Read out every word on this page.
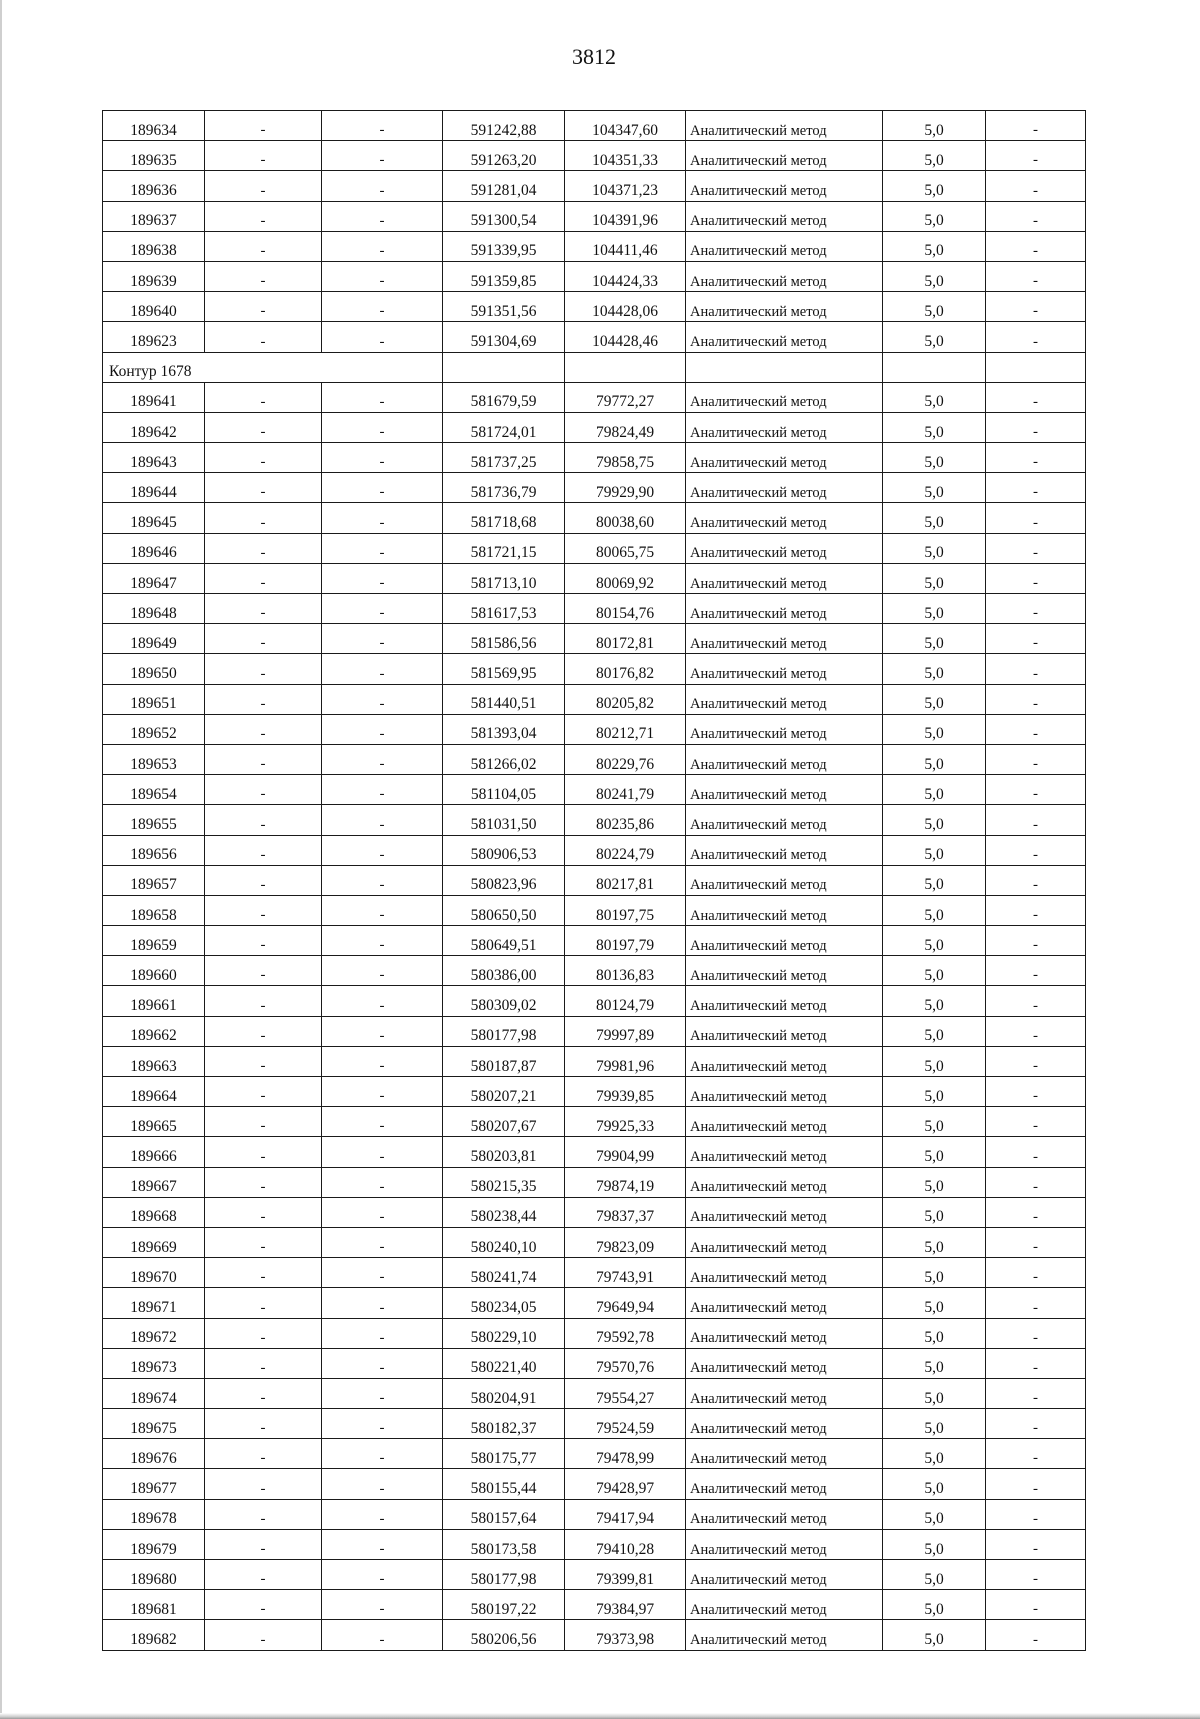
3812
189634	-	-	591242,88	104347,60	Аналитический метод	5,0	-
189635	-	-	591263,20	104351,33	Аналитический метод	5,0	-
189636	-	-	591281,04	104371,23	Аналитический метод	5,0	-
189637	-	-	591300,54	104391,96	Аналитический метод	5,0	-
189638	-	-	591339,95	104411,46	Аналитический метод	5,0	-
189639	-	-	591359,85	104424,33	Аналитический метод	5,0	-
189640	-	-	591351,56	104428,06	Аналитический метод	5,0	-
189623	-	-	591304,69	104428,46	Аналитический метод	5,0	-
Контур 1678							
189641	-	-	581679,59	79772,27	Аналитический метод	5,0	-
189642	-	-	581724,01	79824,49	Аналитический метод	5,0	-
189643	-	-	581737,25	79858,75	Аналитический метод	5,0	-
189644	-	-	581736,79	79929,90	Аналитический метод	5,0	-
189645	-	-	581718,68	80038,60	Аналитический метод	5,0	-
189646	-	-	581721,15	80065,75	Аналитический метод	5,0	-
189647	-	-	581713,10	80069,92	Аналитический метод	5,0	-
189648	-	-	581617,53	80154,76	Аналитический метод	5,0	-
189649	-	-	581586,56	80172,81	Аналитический метод	5,0	-
189650	-	-	581569,95	80176,82	Аналитический метод	5,0	-
189651	-	-	581440,51	80205,82	Аналитический метод	5,0	-
189652	-	-	581393,04	80212,71	Аналитический метод	5,0	-
189653	-	-	581266,02	80229,76	Аналитический метод	5,0	-
189654	-	-	581104,05	80241,79	Аналитический метод	5,0	-
189655	-	-	581031,50	80235,86	Аналитический метод	5,0	-
189656	-	-	580906,53	80224,79	Аналитический метод	5,0	-
189657	-	-	580823,96	80217,81	Аналитический метод	5,0	-
189658	-	-	580650,50	80197,75	Аналитический метод	5,0	-
189659	-	-	580649,51	80197,79	Аналитический метод	5,0	-
189660	-	-	580386,00	80136,83	Аналитический метод	5,0	-
189661	-	-	580309,02	80124,79	Аналитический метод	5,0	-
189662	-	-	580177,98	79997,89	Аналитический метод	5,0	-
189663	-	-	580187,87	79981,96	Аналитический метод	5,0	-
189664	-	-	580207,21	79939,85	Аналитический метод	5,0	-
189665	-	-	580207,67	79925,33	Аналитический метод	5,0	-
189666	-	-	580203,81	79904,99	Аналитический метод	5,0	-
189667	-	-	580215,35	79874,19	Аналитический метод	5,0	-
189668	-	-	580238,44	79837,37	Аналитический метод	5,0	-
189669	-	-	580240,10	79823,09	Аналитический метод	5,0	-
189670	-	-	580241,74	79743,91	Аналитический метод	5,0	-
189671	-	-	580234,05	79649,94	Аналитический метод	5,0	-
189672	-	-	580229,10	79592,78	Аналитический метод	5,0	-
189673	-	-	580221,40	79570,76	Аналитический метод	5,0	-
189674	-	-	580204,91	79554,27	Аналитический метод	5,0	-
189675	-	-	580182,37	79524,59	Аналитический метод	5,0	-
189676	-	-	580175,77	79478,99	Аналитический метод	5,0	-
189677	-	-	580155,44	79428,97	Аналитический метод	5,0	-
189678	-	-	580157,64	79417,94	Аналитический метод	5,0	-
189679	-	-	580173,58	79410,28	Аналитический метод	5,0	-
189680	-	-	580177,98	79399,81	Аналитический метод	5,0	-
189681	-	-	580197,22	79384,97	Аналитический метод	5,0	-
189682	-	-	580206,56	79373,98	Аналитический метод	5,0	-
